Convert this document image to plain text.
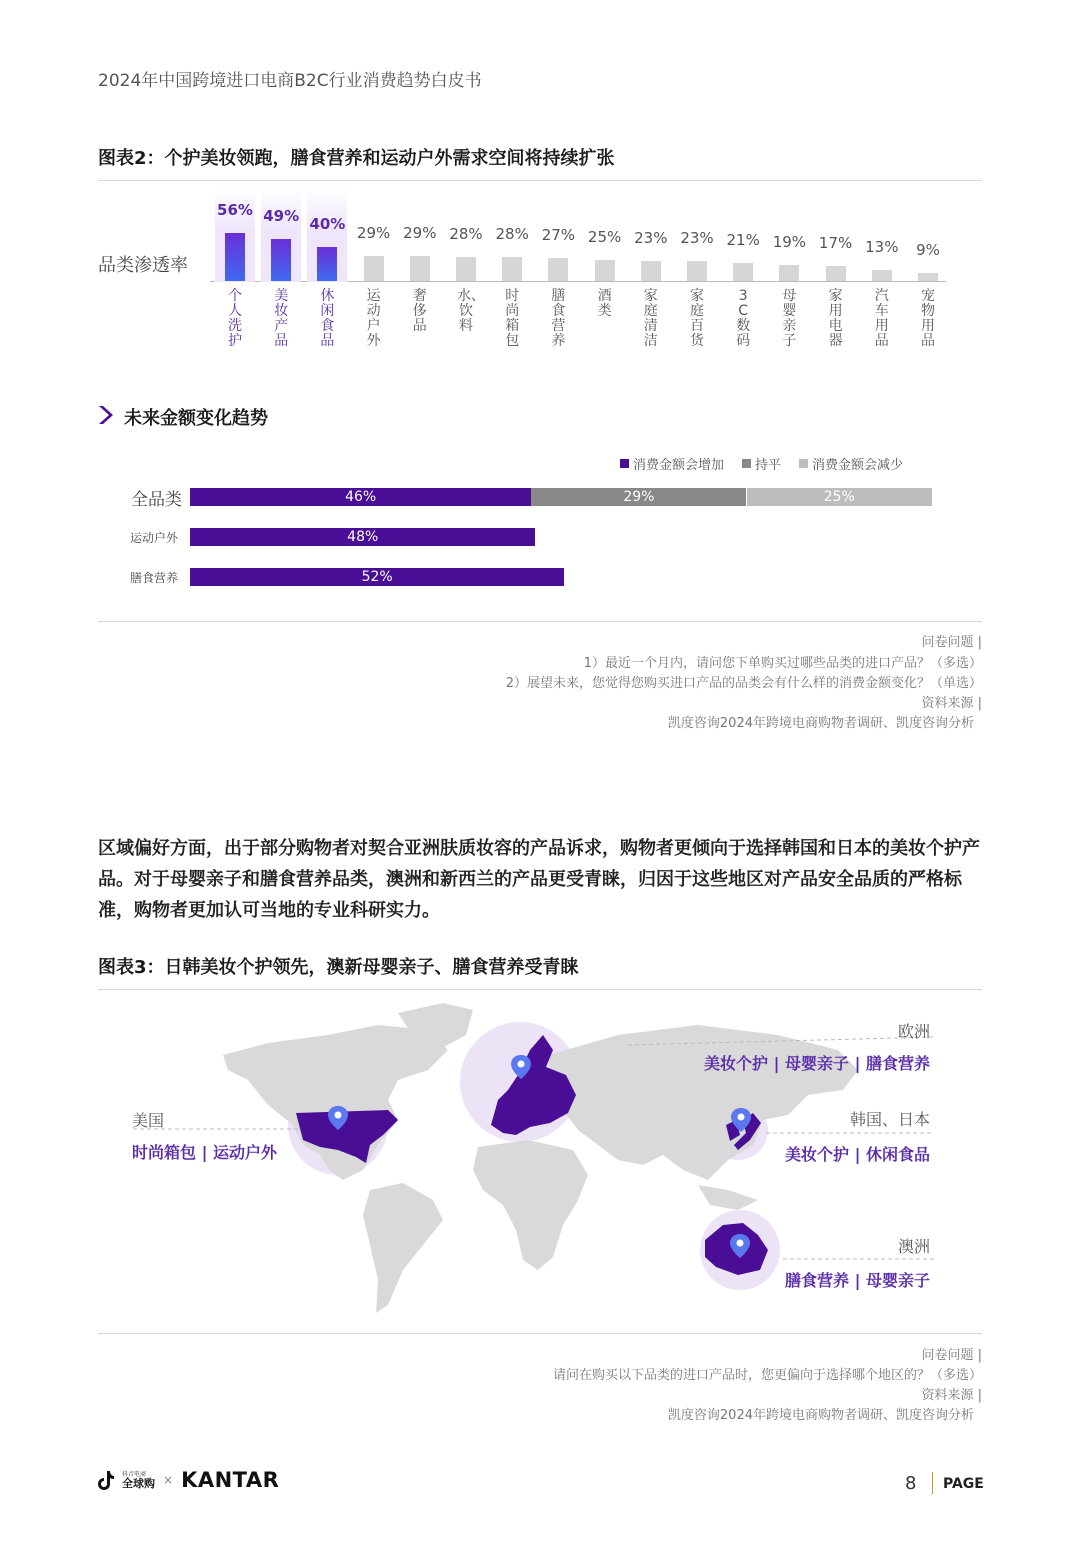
2024年中国跨境进口电商B2C行业消费趋势白皮书
图表2：个护美妆领跑，膳食营养和运动户外需求空间将持续扩张
品类渗透率
56%
个人洗护
49%
美妆产品
40%
休闲食品
29%
运动户外
29%
奢侈品
28%
水、饮料
28%
时尚箱包
27%
膳食营养
25%
酒类
23%
家庭清洁
23%
家庭百货
21%
3C数码
19%
母婴亲子
17%
家用电器
13%
汽车用品
9%
宠物用品
未来金额变化趋势
消费金额会增加 持平 消费金额会减少
全品类	46%	29%	25%
运动户外	48%
膳食营养	52%
问卷问题 |
1）最近一个月内，请问您下单购买过哪些品类的进口产品？（多选）
2）展望未来，您觉得您购买进口产品的品类会有什么样的消费金额变化？（单选）
资料来源 |
凯度咨询2024年跨境电商购物者调研、凯度咨询分析
区域偏好方面，出于部分购物者对契合亚洲肤质妆容的产品诉求，购物者更倾向于选择韩国和日本的美妆个护产品。对于母婴亲子和膳食营养品类，澳洲和新西兰的产品更受青睐，归因于这些地区对产品安全品质的严格标准，购物者更加认可当地的专业科研实力。
图表3：日韩美妆个护领先，澳新母婴亲子、膳食营养受青睐
欧洲
美妆个护 | 母婴亲子 | 膳食营养
美国
时尚箱包 | 运动户外
韩国、日本
美妆个护 | 休闲食品
澳洲
膳食营养 | 母婴亲子
问卷问题 |
请问在购买以下品类的进口产品时，您更偏向于选择哪个地区的？（多选）
资料来源 |
凯度咨询2024年跨境电商购物者调研、凯度咨询分析
抖音电商
全球购 × KANTAR	8 PAGE
